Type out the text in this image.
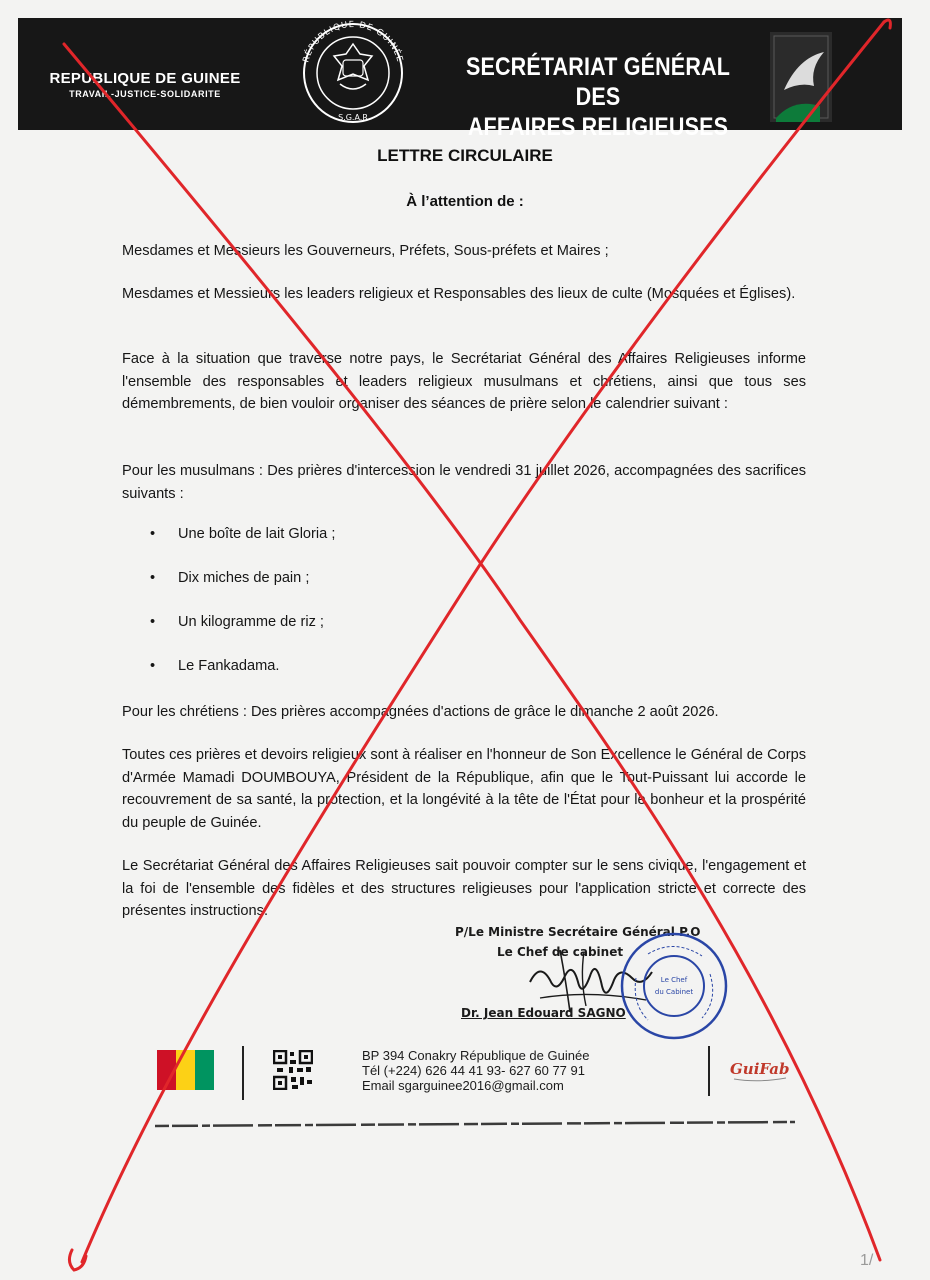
REPUBLIQUE DE GUINEE
TRAVAIL-JUSTICE-SOLIDARITE
RÉPUBLIQUE DE GUINÉE
S.G.A.R
SECRÉTARIAT GÉNÉRAL DES
AFFAIRES RELIGIEUSES
LETTRE CIRCULAIRE
À l’attention de :
Mesdames et Messieurs les Gouverneurs, Préfets, Sous-préfets et Maires ;
Mesdames et Messieurs les leaders religieux et Responsables des lieux de culte (Mosquées et Églises).
Face à la situation que traverse notre pays, le Secrétariat Général des Affaires Religieuses informe l'ensemble des responsables et leaders religieux musulmans et chrétiens, ainsi que tous ses démembrements, de bien vouloir organiser des séances de prière selon le calendrier suivant :
Pour les musulmans : Des prières d'intercession le vendredi 31 juillet 2026, accompagnées des sacrifices suivants :
• Une boîte de lait Gloria ;
• Dix miches de pain ;
• Un kilogramme de riz ;
• Le Fankadama.
Pour les chrétiens : Des prières accompagnées d'actions de grâce le dimanche 2 août 2026.
Toutes ces prières et devoirs religieux sont à réaliser en l'honneur de Son Excellence le Général de Corps d'Armée Mamadi DOUMBOUYA, Président de la République, afin que le Tout-Puissant lui accorde le recouvrement de sa santé, la protection, et la longévité à la tête de l'État pour le bonheur et la prospérité du peuple de Guinée.
Le Secrétariat Général des Affaires Religieuses sait pouvoir compter sur le sens civique, l'engagement et la foi de l'ensemble des fidèles et des structures religieuses pour l'application stricte et correcte des présentes instructions.
P/Le Ministre Secrétaire Général P.O
Le Chef de cabinet
Le Chef
du Cabinet
Dr. Jean Edouard SAGNO
BP 394 Conakry République de Guinée
Tél (+224) 626 44 41 93- 627 60 77 91
Email sgarguinee2016@gmail.com
GuiFab
1/
